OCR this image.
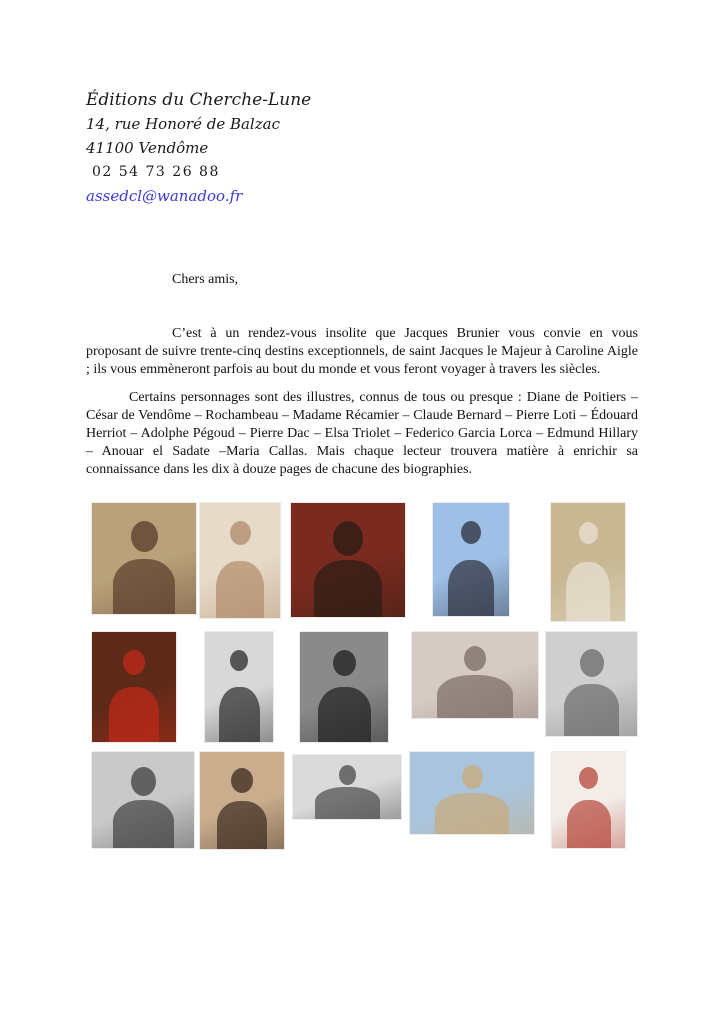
Éditions du Cherche-Lune
14, rue Honoré de Balzac
41100 Vendôme
02 54 73 26 88
assedcl@wanadoo.fr
Chers amis,

C’est à un rendez-vous insolite que Jacques Brunier vous convie en vous proposant de suivre trente-cinq destins exceptionnels, de saint Jacques le Majeur à Caroline Aigle ; ils vous emmèneront parfois au bout du monde et vous feront voyager à travers les siècles.

Certains personnages sont des illustres, connus de tous ou presque : Diane de Poitiers – César de Vendôme – Rochambeau – Madame Récamier – Claude Bernard – Pierre Loti – Édouard Herriot – Adolphe Pégoud – Pierre Dac – Elsa Triolet – Federico Garcia Lorca – Edmund Hillary – Anouar el Sadate –Maria Callas. Mais chaque lecteur trouvera matière à enrichir sa connaissance dans les dix à douze pages de chacune des biographies.
